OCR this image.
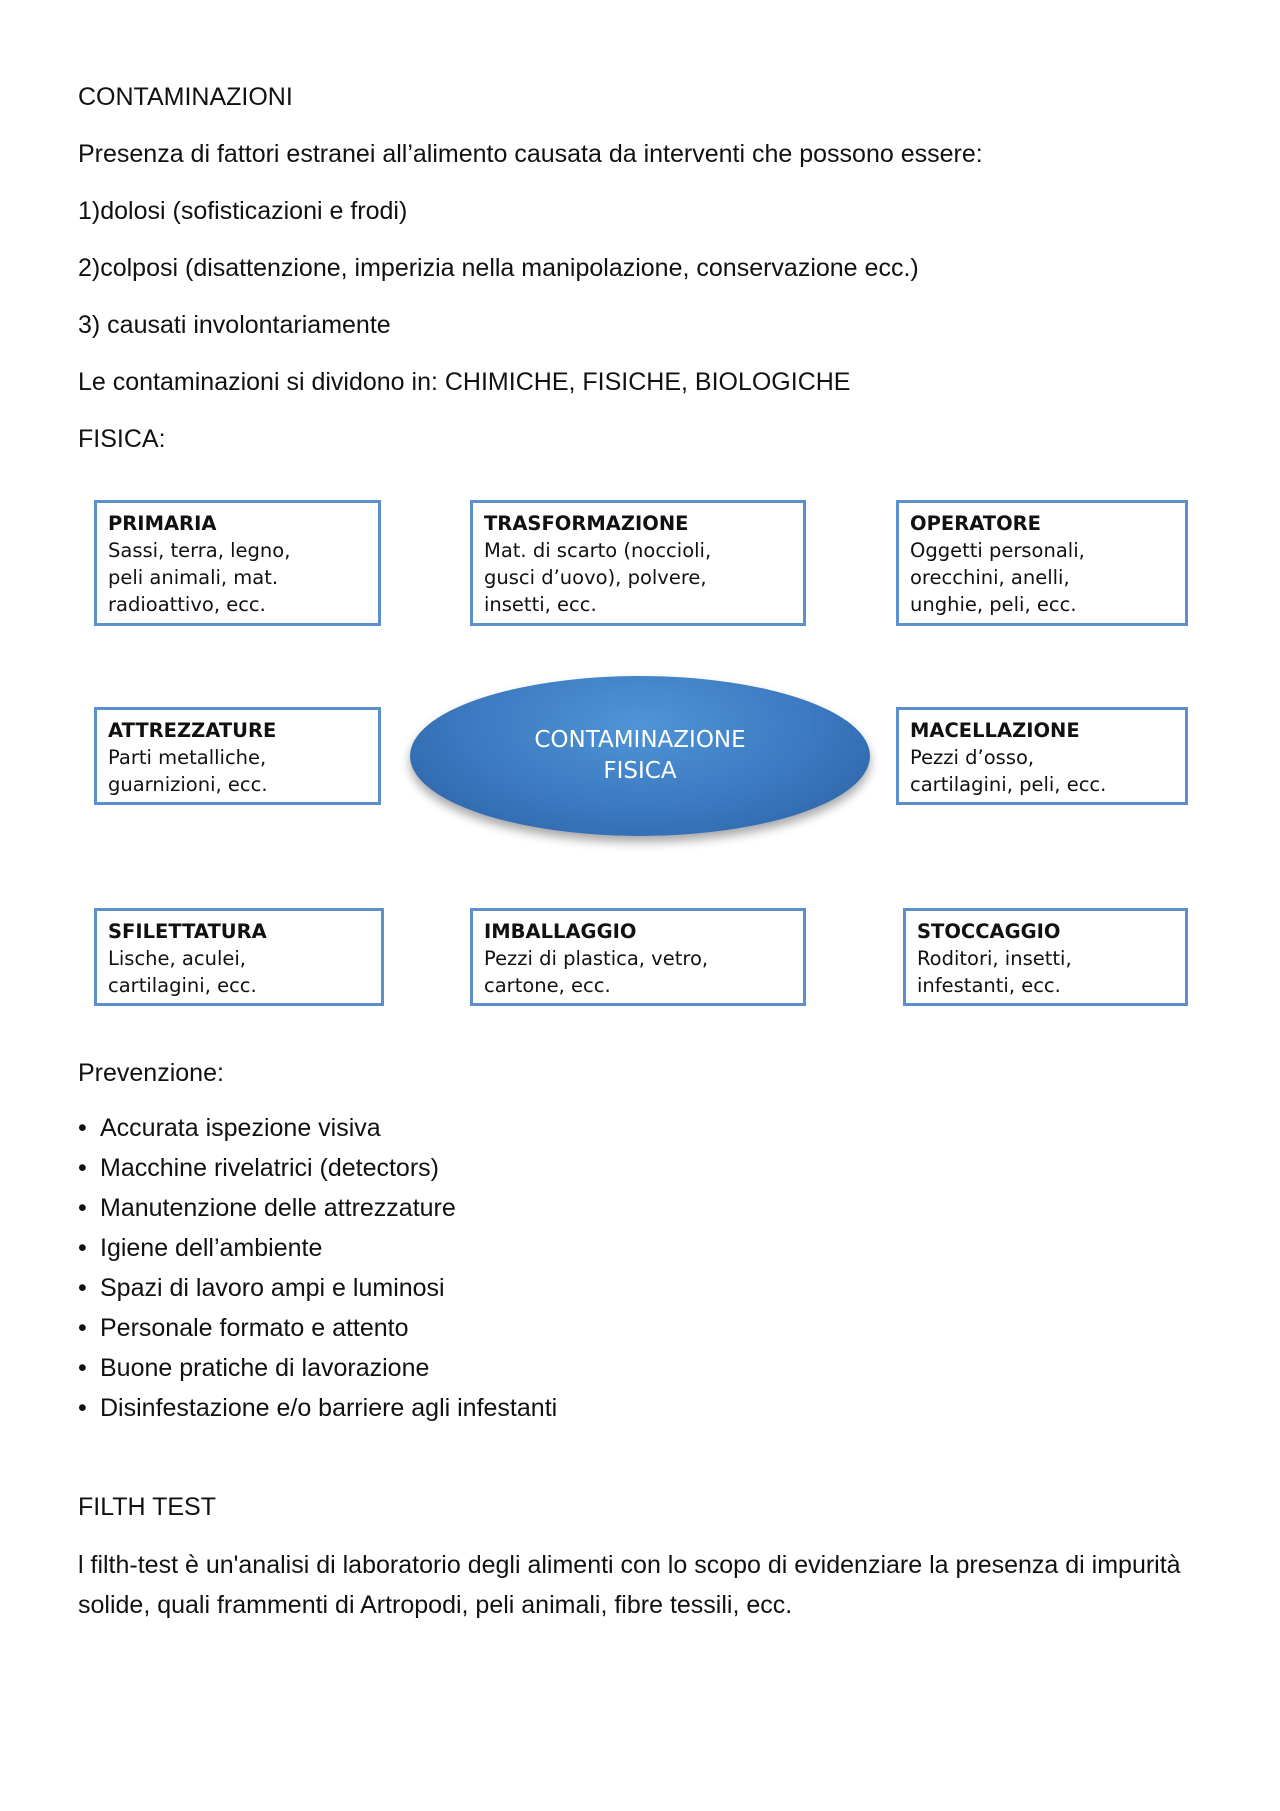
CONTAMINAZIONI
Presenza di fattori estranei all’alimento causata da interventi che possono essere:
1)dolosi (sofisticazioni e frodi)
2)colposi (disattenzione, imperizia nella manipolazione, conservazione ecc.)
3) causati involontariamente
Le contaminazioni si dividono in: CHIMICHE, FISICHE, BIOLOGICHE
FISICA:
PRIMARIA
Sassi, terra, legno,
peli animali, mat.
radioattivo, ecc.
TRASFORMAZIONE
Mat. di scarto (noccioli,
gusci d’uovo), polvere,
insetti, ecc.
OPERATORE
Oggetti personali,
orecchini, anelli,
unghie, peli, ecc.
ATTREZZATURE
Parti metalliche,
guarnizioni, ecc.
CONTAMINAZIONE
FISICA
MACELLAZIONE
Pezzi d’osso,
cartilagini, peli, ecc.
SFILETTATURA
Lische, aculei,
cartilagini, ecc.
IMBALLAGGIO
Pezzi di plastica, vetro,
cartone, ecc.
STOCCAGGIO
Roditori, insetti,
infestanti, ecc.
Prevenzione:
• Accurata ispezione visiva
• Macchine rivelatrici (detectors)
• Manutenzione delle attrezzature
• Igiene dell’ambiente
• Spazi di lavoro ampi e luminosi
• Personale formato e attento
• Buone pratiche di lavorazione
• Disinfestazione e/o barriere agli infestanti
FILTH TEST
l filth-test è un'analisi di laboratorio degli alimenti con lo scopo di evidenziare la presenza di impurità solide, quali frammenti di Artropodi, peli animali, fibre tessili, ecc.
